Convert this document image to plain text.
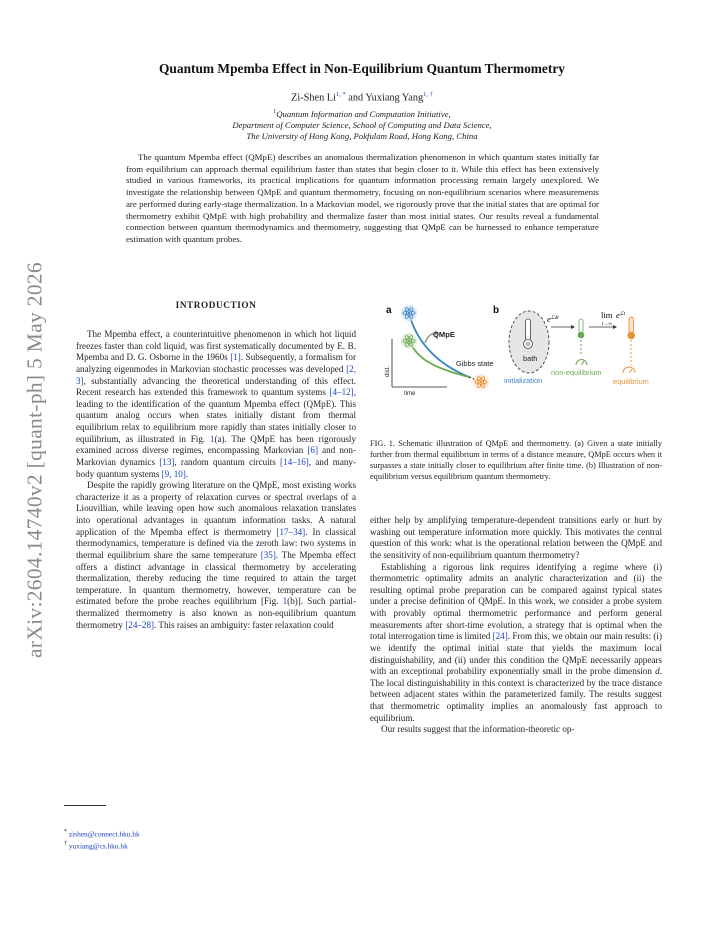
arXiv:2604.14740v2 [quant-ph] 5 May 2026
Quantum Mpemba Effect in Non-Equilibrium Quantum Thermometry
Zi-Shen $Li^{1, *}$ and Yuxiang Yang$^{1, \dagger}$
$^1$Quantum Information and Computation Initiative,
Department of Computer Science, School of Computing and Data Science,
The University of Hong Kong, Pokfulam Road, Hong Kong, China
The quantum Mpemba effect (QMpE) describes an anomalous thermalization phenomenon in which quantum states initially far from equilibrium can approach thermal equilibrium faster than states that begin closer to it. While this effect has been extensively studied in various frameworks, its practical implications for quantum information processing remain largely unexplored. We investigate the relationship between QMpE and quantum thermometry, focusing on non-equilibrium scenarios where measurements are performed during early-stage thermalization. In a Markovian model, we rigorously prove that the initial states that are optimal for thermometry exhibit QMpE with high probability and thermalize faster than most initial states. Our results reveal a fundamental connection between quantum thermodynamics and thermometry, suggesting that QMpE can be harnessed to enhance temperature estimation with quantum probes.
INTRODUCTION

The Mpemba effect, a counterintuitive phenomenon in which hot liquid freezes faster than cold liquid, was first systematically documented by E. B. Mpemba and D. G. Osborne in the 1960s [1]. Subsequently, a formalism for analyzing eigenmodes in Markovian stochastic processes was developed [2, 3], substantially advancing the theoretical understanding of this effect. Recent research has extended this framework to quantum systems [4–12], leading to the identification of the quantum Mpemba effect (QMpE). This quantum analog occurs when states initially distant from thermal equilibrium relax to equilibrium more rapidly than states initially closer to equilibrium, as illustrated in Fig. 1(a). The QMpE has been rigorously examined across diverse regimes, encompassing Markovian [6] and non-Markovian dynamics [13], random quantum circuits [14–16], and many-body quantum systems [9, 10].

Despite the rapidly growing literature on the QMpE, most existing works characterize it as a property of relaxation curves or spectral overlaps of a Liouvillian, while leaving open how such anomalous relaxation translates into operational advantages in quantum information tasks. A natural application of the Mpemba effect is thermometry [17–34]. In classical thermodynamics, temperature is defined via the zeroth law: two systems in thermal equilibrium share the same temperature [35]. The Mpemba effect offers a distinct advantage in classical thermometry by accelerating thermalization, thereby reducing the time required to attain the target temperature. In quantum thermometry, however, temperature can be estimated before the probe reaches equilibrium [Fig. 1(b)]. Such partial-thermalized thermometry is also known as non-equilibrium quantum thermometry [24–28]. This raises an ambiguity: faster relaxation could

a
dist.
time
QMpE
Gibbs state
b
bath
$e^{ℒ\delta t}$	lim
t→∞
$e^{ℒt}$
initialization
non-equilibrium
equilibrium
FIG. 1. Schematic illustration of QMpE and thermometry. (a) Given a state initially further from thermal equilibrium in terms of a distance measure, QMpE occurs when it surpasses a state initially closer to equilibrium after finite time. (b) Illustration of non-equilibrium versus equilibrium quantum thermometry.

either help by amplifying temperature-dependent transitions early or hurt by washing out temperature information more quickly. This motivates the central question of this work: what is the operational relation between the QMpE and the sensitivity of non-equilibrium quantum thermometry?

Establishing a rigorous link requires identifying a regime where (i) thermometric optimality admits an analytic characterization and (ii) the resulting optimal probe preparation can be compared against typical states under a precise definition of QMpE. In this work, we consider a probe system with provably optimal thermometric performance and perform general measurements after short-time evolution, a strategy that is optimal when the total interrogation time is limited [24]. From this, we obtain our main results: (i) we identify the optimal initial state that yields the maximum local distinguishability, and (ii) under this condition the QMpE necessarily appears with an exceptional probability exponentially small in the probe dimension d. The local distinguishability in this context is characterized by the trace distance between adjacent states within the parameterized family. The results suggest that thermometric optimality implies an anomalously fast approach to equilibrium.

Our results suggest that the information-theoretic op-

* zishen@connect.hku.hk
† yuxiang@cs.hku.hk
